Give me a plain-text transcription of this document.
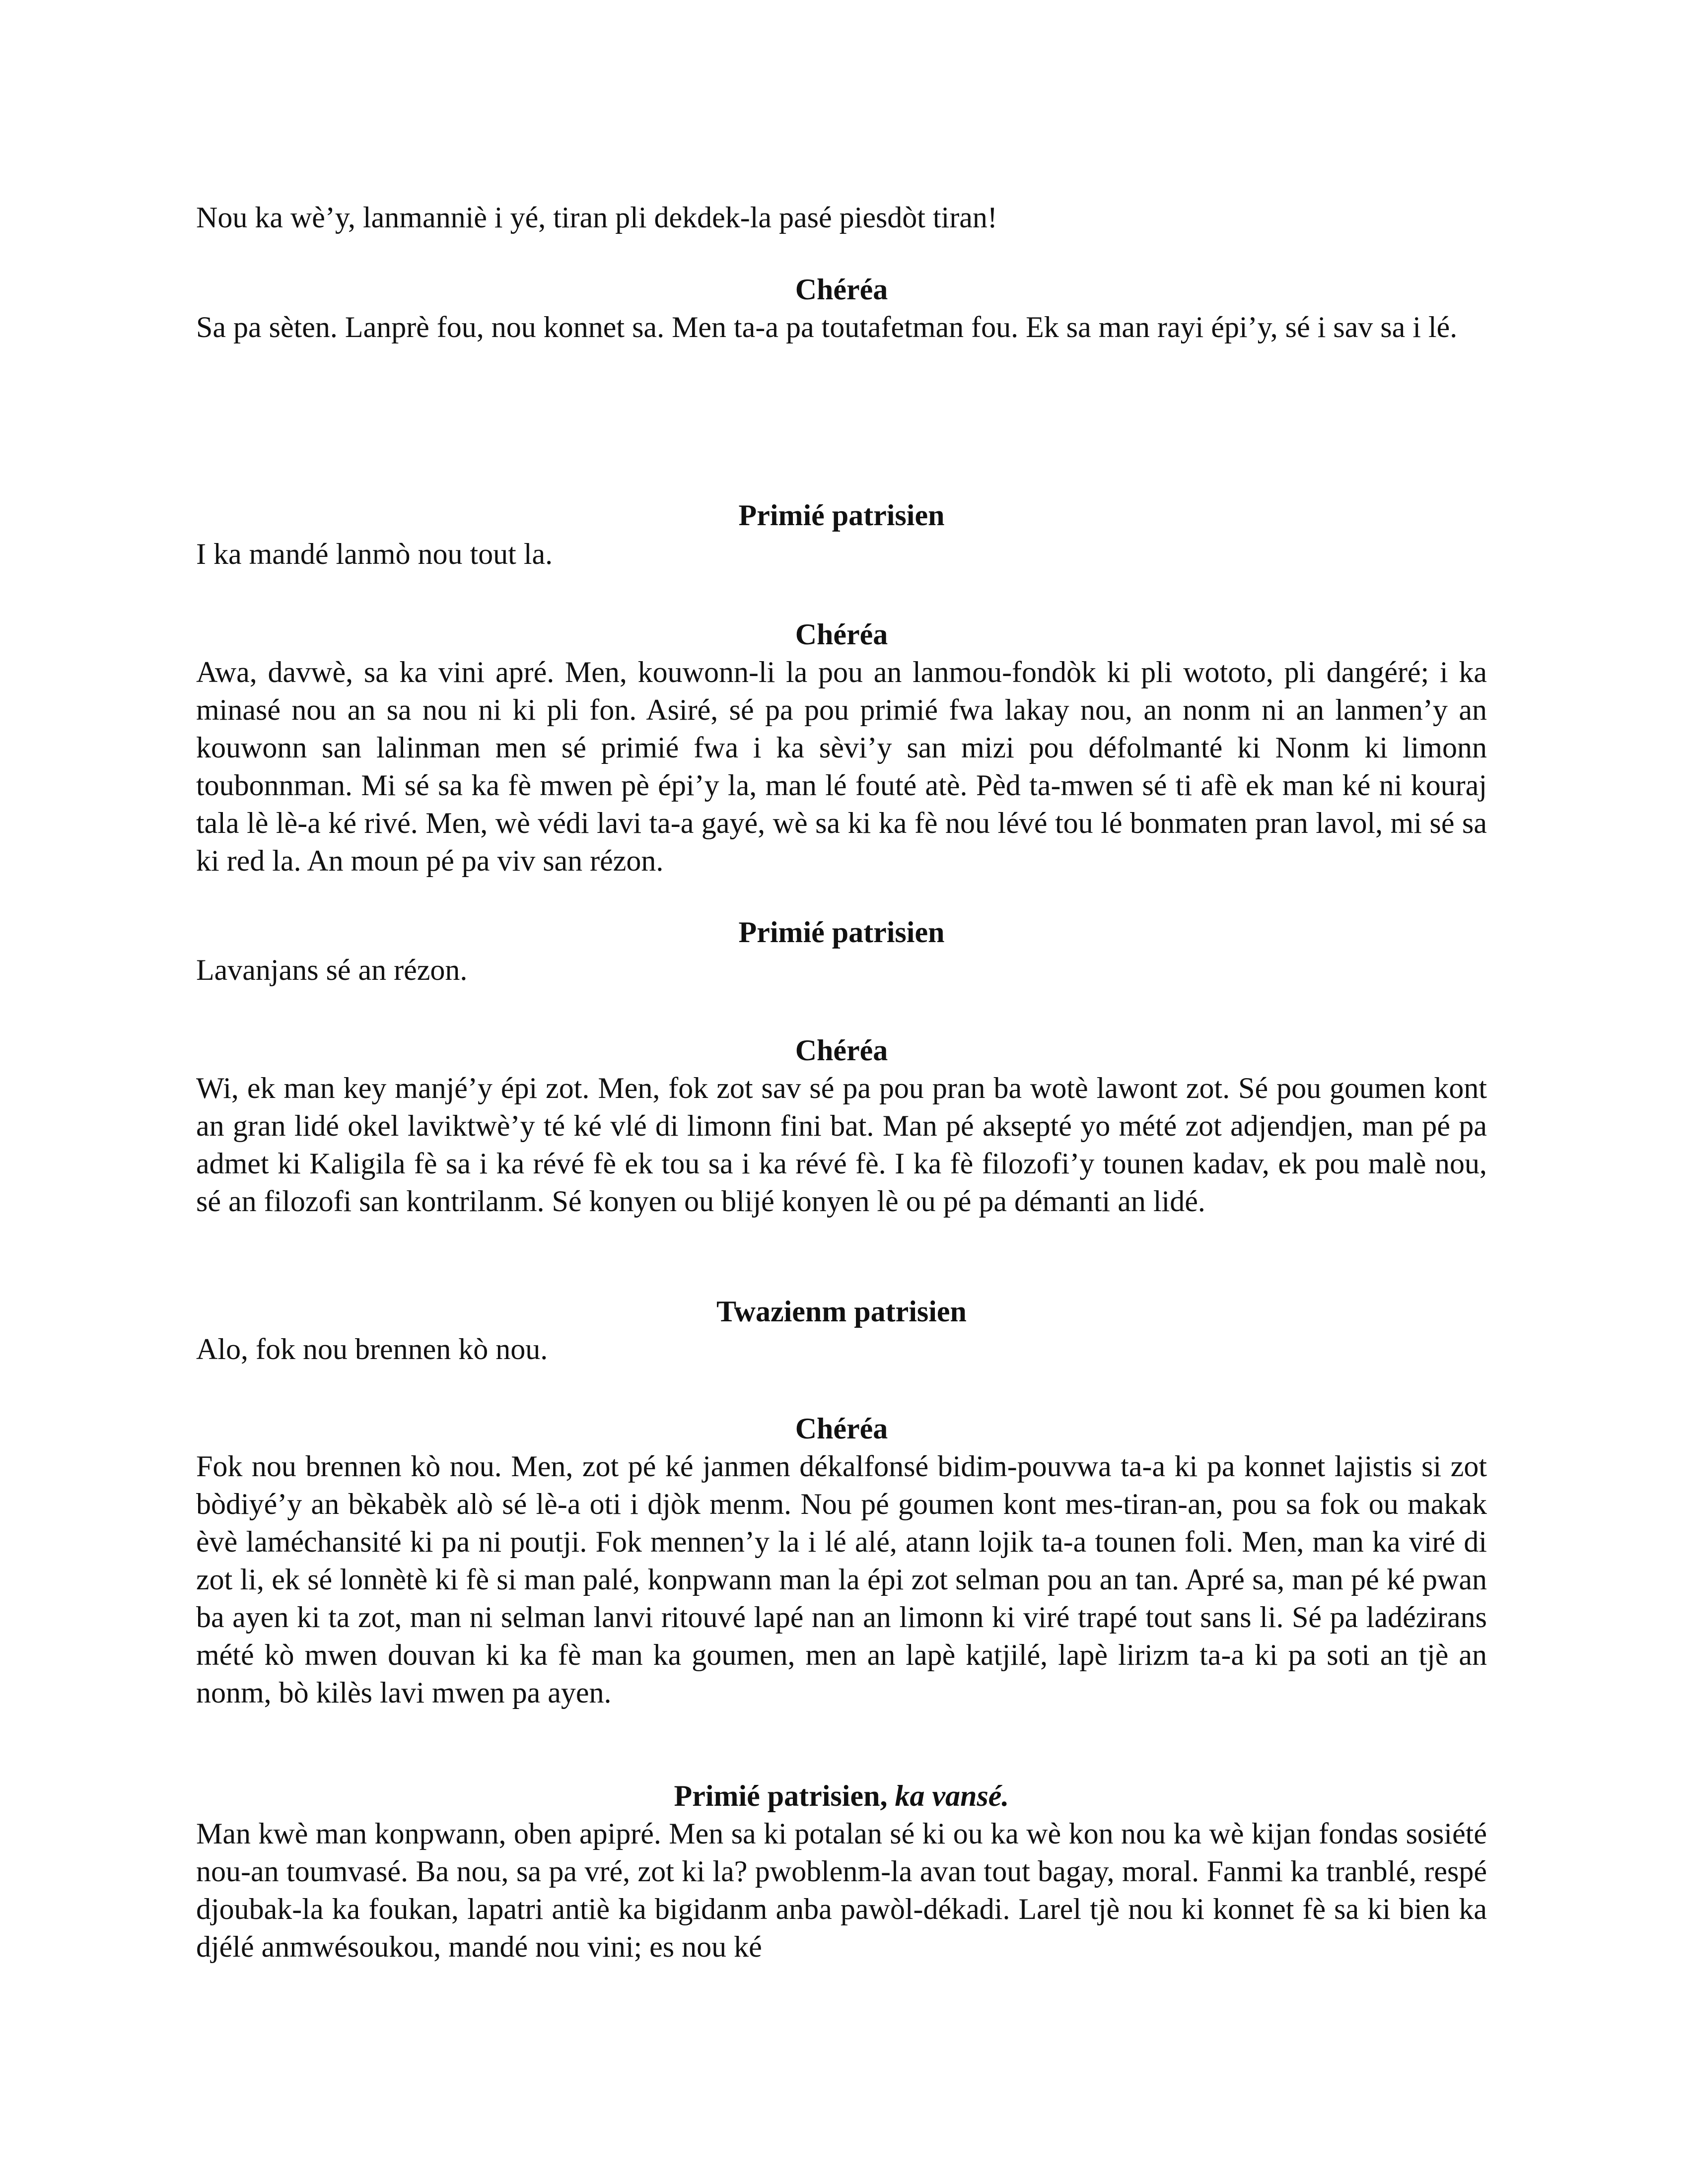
Nou ka wè’y, lanmanniè i yé, tiran pli dekdek-la pasé piesdòt tiran!

Chéréa

Sa pa sèten. Lanprè fou, nou konnet sa. Men ta-a pa toutafetman fou. Ek sa man rayi épi’y, sé i sav sa i lé.

Primié patrisien

I ka mandé lanmò nou tout la.

Chéréa

Awa, davwè, sa ka vini apré. Men, kouwonn-li la pou an lanmou-fondòk ki pli wototo, pli dangéré; i ka minasé nou an sa nou ni ki pli fon. Asiré, sé pa pou primié fwa lakay nou, an nonm ni an lanmen’y an kouwonn san lalinman men sé primié fwa i ka sèvi’y san mizi pou défolmanté ki Nonm ki limonn toubonnman. Mi sé sa ka fè mwen pè épi’y la, man lé fouté atè. Pèd ta-mwen sé ti afè ek man ké ni kouraj tala lè lè-a ké rivé. Men, wè védi lavi ta-a gayé, wè sa ki ka fè nou lévé tou lé bonmaten pran lavol, mi sé sa ki red la. An moun pé pa viv san rézon.

Primié patrisien

Lavanjans sé an rézon.

Chéréa

Wi, ek man key manjé’y épi zot. Men, fok zot sav sé pa pou pran ba wotè lawont zot. Sé pou goumen kont an gran lidé okel laviktwè’y té ké vlé di limonn fini bat. Man pé aksepté yo mété zot adjendjen, man pé pa admet ki Kaligila fè sa i ka révé fè ek tou sa i ka révé fè. I ka fè filozofi’y tounen kadav, ek pou malè nou, sé an filozofi san kontrilanm. Sé konyen ou blijé konyen lè ou pé pa démanti an lidé.

Twazienm patrisien

Alo, fok nou brennen kò nou.

Chéréa

Fok nou brennen kò nou. Men, zot pé ké janmen dékalfonsé bidim-pouvwa ta-a ki pa konnet lajistis si zot bòdiyé’y an bèkabèk alò sé lè-a oti i djòk menm. Nou pé goumen kont mes-tiran-an, pou sa fok ou makak èvè laméchansité ki pa ni poutji. Fok mennen’y la i lé alé, atann lojik ta-a tounen foli. Men, man ka viré di zot li, ek sé lonnètè ki fè si man palé, konpwann man la épi zot selman pou an tan. Apré sa, man pé ké pwan ba ayen ki ta zot, man ni selman lanvi ritouvé lapé nan an limonn ki viré trapé tout sans li. Sé pa ladézirans mété kò mwen douvan ki ka fè man ka goumen, men an lapè katjilé, lapè lirizm ta-a ki pa soti an tjè an nonm, bò kilès lavi mwen pa ayen.

Primié patrisien, ka vansé.

Man kwè man konpwann, oben apipré. Men sa ki potalan sé ki ou ka wè kon nou ka wè kijan fondas sosiété nou-an toumvasé. Ba nou, sa pa vré, zot ki la? pwoblenm-la avan tout bagay, moral. Fanmi ka tranblé, respé djoubak-la ka foukan, lapatri antiè ka bigidanm anba pawòl-dékadi. Larel tjè nou ki konnet fè sa ki bien ka djélé anmwésoukou, mandé nou vini; es nou ké
